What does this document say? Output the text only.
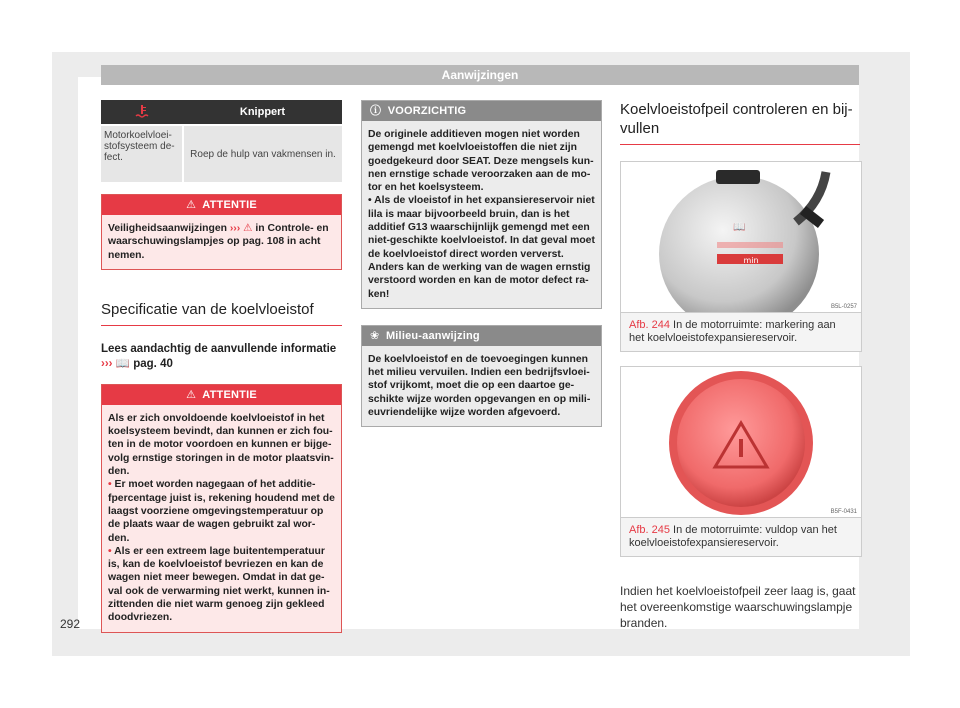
Aanwijzingen
	Knippert
Motorkoelvloei-stofsysteem de-fect.	Roep de hulp van vakmensen in.
⚠ ATTENTIE
Veiligheidsaanwijzingen ››› ⚠ in Controle- en waarschuwingslampjes op pag. 108 in acht nemen.
Specificatie van de koelvloeistof
Lees aandachtig de aanvullende informatie
››› 📖 pag. 40
⚠ ATTENTIE
Als er zich onvoldoende koelvloeistof in het koelsysteem bevindt, dan kunnen er zich fou-ten in de motor voordoen en kunnen er bijge-volg ernstige storingen in de motor plaatsvin-den.
• Er moet worden nagegaan of het additie-fpercentage juist is, rekening houdend met de laagst voorziene omgevingstemperatuur op de plaats waar de wagen gebruikt zal wor-den.
• Als er een extreem lage buitentemperatuur is, kan de koelvloeistof bevriezen en kan de wagen niet meer bewegen. Omdat in dat ge-val ook de verwarming niet werkt, kunnen in-zittenden die niet warm genoeg zijn gekleed doodvriezen.
ⓘ VOORZICHTIG
De originele additieven mogen niet worden gemengd met koelvloeistoffen die niet zijn goedgekeurd door SEAT. Deze mengsels kun-nen ernstige schade veroorzaken aan de mo-tor en het koelsysteem.
• Als de vloeistof in het expansiereservoir niet lila is maar bijvoorbeeld bruin, dan is het additief G13 waarschijnlijk gemengd met een niet-geschikte koelvloeistof. In dat geval moet de koelvloeistof direct worden ververst. Anders kan de werking van de wagen ernstig verstoord worden en kan de motor defect ra-ken!
❀ Milieu-aanwijzing
De koelvloeistof en de toevoegingen kunnen het milieu vervuilen. Indien een bedrijfsvloei-stof vrijkomt, moet die op een daartoe ge-schikte wijze worden opgevangen en op mili-euvriendelijke wijze worden afgevoerd.
Koelvloeistofpeil controleren en bij-vullen
min
📖
B5L-0257
Afb. 244 In de motorruimte: markering aan het koelvloeistofexpansiereservoir.
B5F-0431
Afb. 245 In de motorruimte: vuldop van het koelvloeistofexpansiereservoir.
Indien het koelvloeistofpeil zeer laag is, gaat het overeenkomstige waarschuwingslampje branden.
292
